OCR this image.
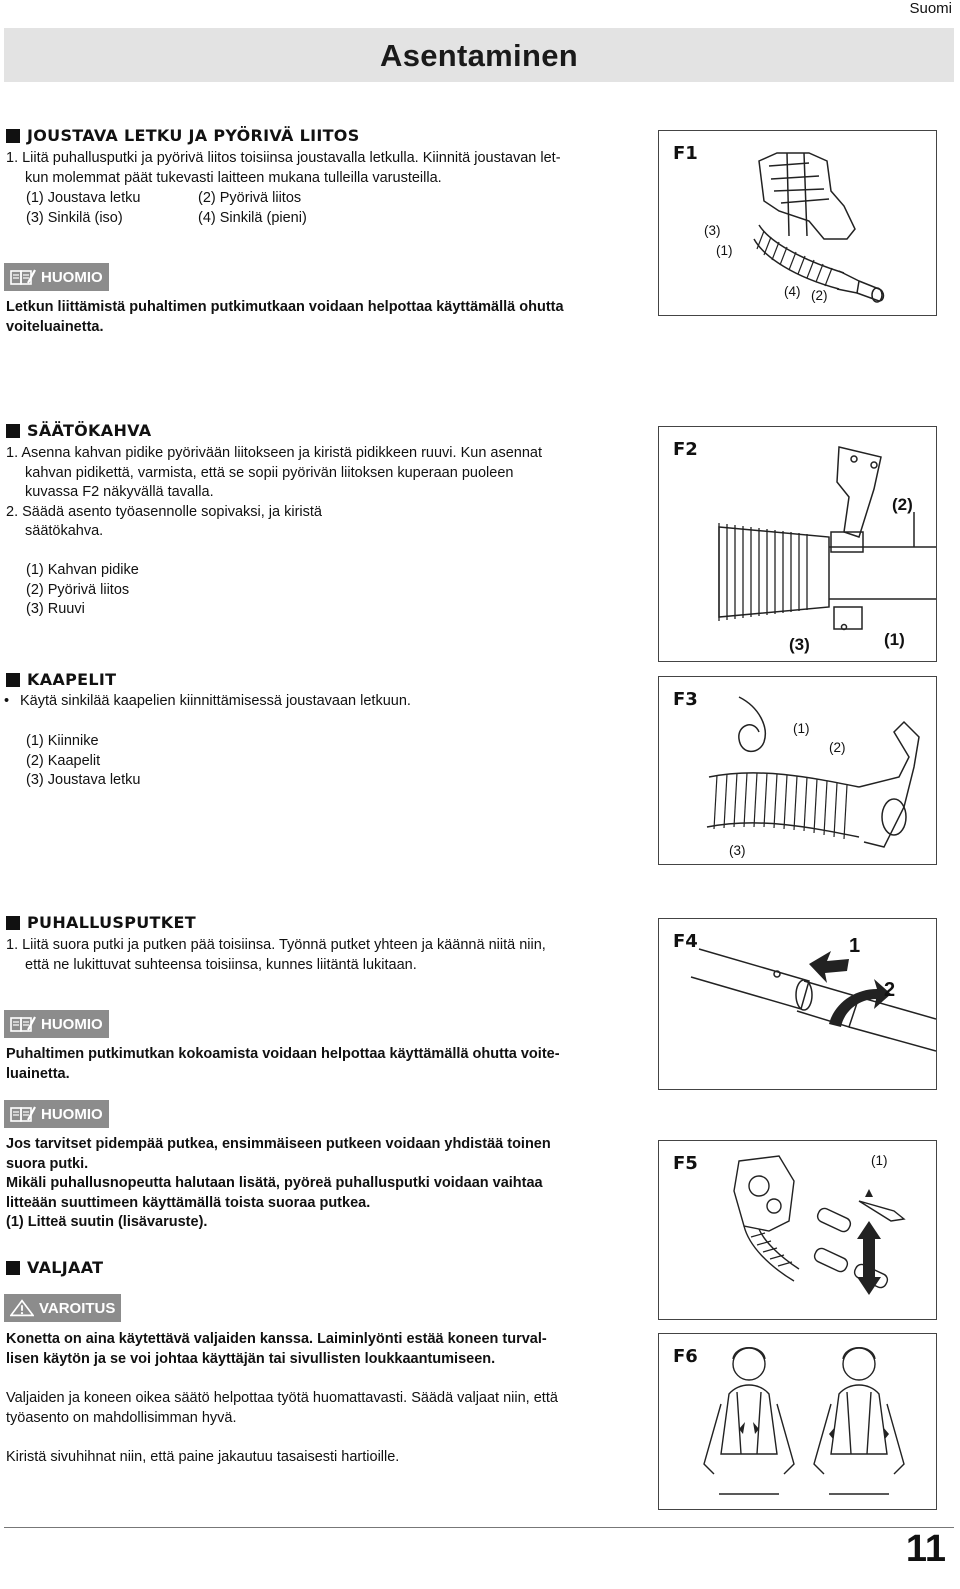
Suomi
Asentaminen
JOUSTAVA LETKU JA PYÖRIVÄ LIITOS

1. Liitä puhallusputki ja pyörivä liitos toisiinsa joustavalla letkulla. Kiinnitä joustavan let-

kun molemmat päät tukevasti laitteen mukana tulleilla varusteilla.

(1) Joustava letku	(2) Pyörivä liitos
(3) Sinkilä (iso)	(4) Sinkilä (pieni)
HUOMIO

Letkun liittämistä puhaltimen putkimutkaan voidaan helpottaa käyttämällä ohutta

voiteluainetta.

F1
(3)
(1)
(4) (2)
SÄÄTÖKAHVA

1. Asenna kahvan pidike pyörivään liitokseen ja kiristä pidikkeen ruuvi. Kun asennat

kahvan pidikettä, varmista, että se sopii pyörivän liitoksen kuperaan puoleen

kuvassa F2 näkyvällä tavalla.

2. Säädä asento työasennolle sopivaksi, ja kiristä

säätökahva.

(1) Kahvan pidike
(2) Pyörivä liitos
(3) Ruuvi
F2
(2)
(3)	(1)
KAAPELIT
• Käytä sinkilää kaapelien kiinnittämisessä joustavaan letkuun.
(1) Kiinnike
(2) Kaapelit
(3) Joustava letku
F3
(1)
(2)
(3)
PUHALLUSPUTKET

1. Liitä suora putki ja putken pää toisiinsa. Työnnä putket yhteen ja käännä niitä niin,

että ne lukittuvat suhteensa toisiinsa, kunnes liitäntä lukitaan.

HUOMIO

Puhaltimen putkimutkan kokoamista voidaan helpottaa käyttämällä ohutta voite-

luainetta.

HUOMIO

Jos tarvitset pidempää putkea, ensimmäiseen putkeen voidaan yhdistää toinen

suora putki.

Mikäli puhallusnopeutta halutaan lisätä, pyöreä puhallusputki voidaan vaihtaa

litteään suuttimeen käyttämällä toista suoraa putkea.

(1) Litteä suutin (lisävaruste).

F4	1
2
F5	(1)
VALJAAT
VAROITUS

Konetta on aina käytettävä valjaiden kanssa. Laiminlyönti estää koneen turval-

lisen käytön ja se voi johtaa käyttäjän tai sivullisten loukkaantumiseen.

Valjaiden ja koneen oikea säätö helpottaa työtä huomattavasti. Säädä valjaat niin, että

työasento on mahdollisimman hyvä.

Kiristä sivuhihnat niin, että paine jakautuu tasaisesti hartioille.

F6
11
